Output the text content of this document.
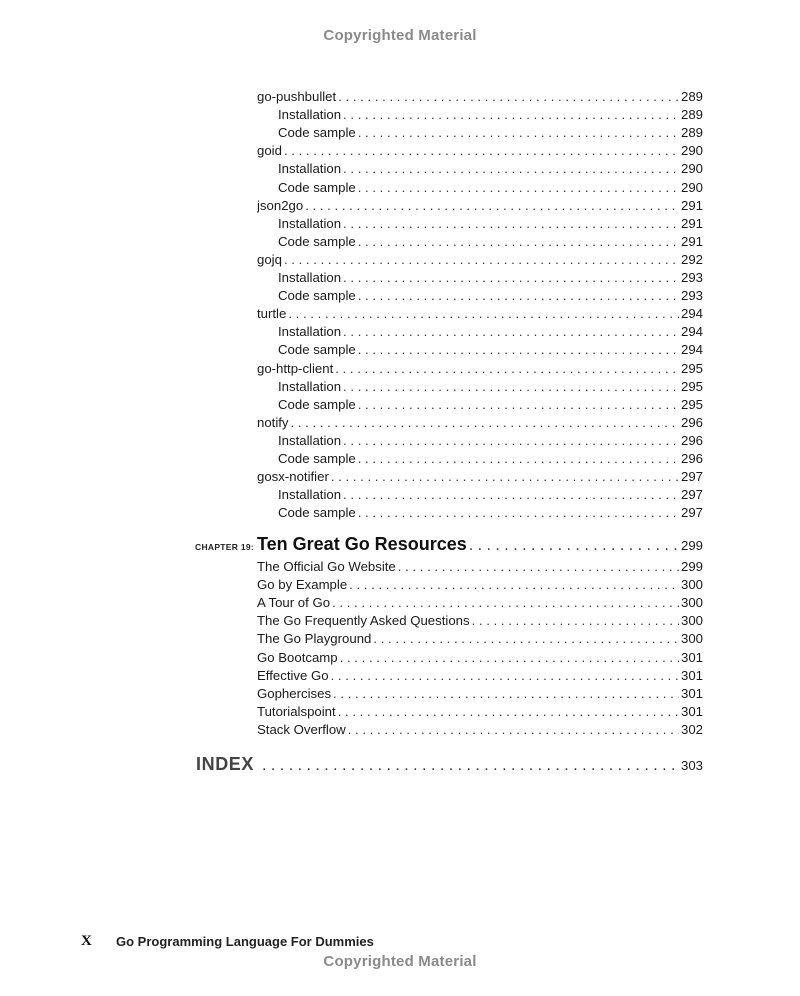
Copyrighted Material
go-pushbullet . . .	289
Installation . . .	289
Code sample . . .	289
goid . . .	290
Installation . . .	290
Code sample . . .	290
json2go . . .	291
Installation . . .	291
Code sample . . .	291
gojq . . .	292
Installation . . .	293
Code sample . . .	293
turtle . . .	294
Installation . . .	294
Code sample . . .	294
go-http-client . . .	295
Installation . . .	295
Code sample . . .	295
notify . . .	296
Installation . . .	296
Code sample . . .	296
gosx-notifier . . .	297
Installation . . .	297
Code sample . . .	297
CHAPTER 19: Ten Great Go Resources . . .	299
The Official Go Website . . .	299
Go by Example . . .	300
A Tour of Go . . .	300
The Go Frequently Asked Questions . . .	300
The Go Playground . . .	300
Go Bootcamp . . .	301
Effective Go . . .	301
Gophercises . . .	301
Tutorialspoint . . .	301
Stack Overflow . . .	302
INDEX . . .	303
X Go Programming Language For Dummies
Copyrighted Material
